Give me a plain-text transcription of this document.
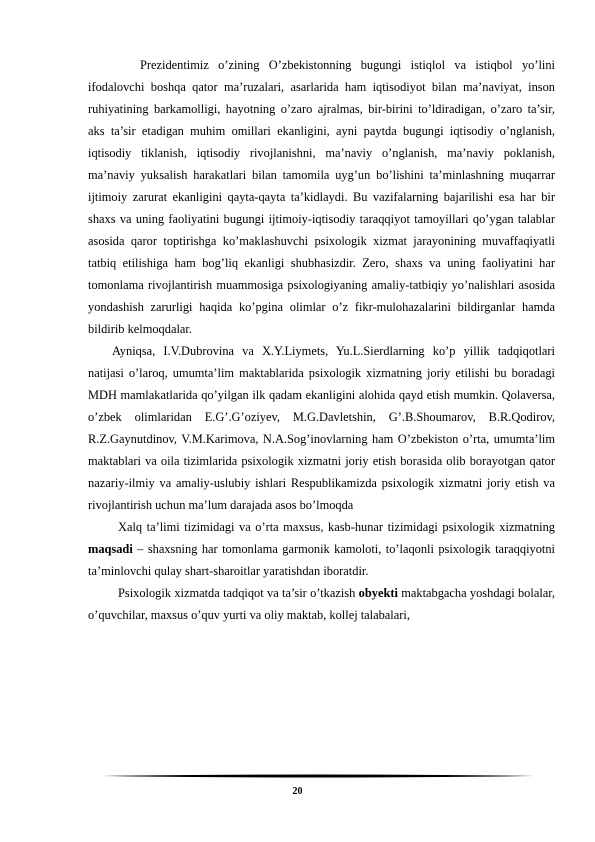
Prezidentimiz o’zining O’zbekistonning bugungi istiqlol va istiqbol yo’lini ifodalovchi boshqa qator ma’ruzalari, asarlarida ham iqtisodiyot bilan ma’naviyat, inson ruhiyatining barkamolligi, hayotning o’zaro ajralmas, bir-birini to’ldiradigan, o’zaro ta’sir, aks ta’sir etadigan muhim omillari ekanligini, ayni paytda bugungi iqtisodiy o’nglanish, iqtisodiy tiklanish, iqtisodiy rivojlanishni, ma’naviy o’nglanish, ma’naviy poklanish, ma’naviy yuksalish harakatlari bilan tamomila uyg’un bo’lishini ta’minlashning muqarrar ijtimoiy zarurat ekanligini qayta-qayta ta’kidlaydi. Bu vazifalarning bajarilishi esa har bir shaxs va uning faoliyatini bugungi ijtimoiy-iqtisodiy taraqqiyot tamoyillari qo’ygan talablar asosida qaror toptirishga ko’maklashuvchi psixologik xizmat jarayonining muvaffaqiyatli tatbiq etilishiga ham bog’liq ekanligi shubhasizdir. Zero, shaxs va uning faoliyatini har tomonlama rivojlantirish muammosiga psixologiyaning amaliy-tatbiqiy yo’nalishlari asosida yondashish zarurligi haqida ko’pgina olimlar o’z fikr-mulohazalarini bildirganlar hamda bildirib kelmoqdalar.

Ayniqsa, I.V.Dubrovina va X.Y.Liymets, Yu.L.Sierdlarning ko’p yillik tadqiqotlari natijasi o’laroq, umumta’lim maktablarida psixologik xizmatning joriy etilishi bu boradagi MDH mamlakatlarida qo’yilgan ilk qadam ekanligini alohida qayd etish mumkin. Qolaversa, o’zbek olimlaridan E.G’.G’oziyev, M.G.Davletshin, G’.B.Shoumarov, B.R.Qodirov, R.Z.Gaynutdinov, V.M.Karimova, N.A.Sog’inovlarning ham O’zbekiston o’rta, umumta’lim maktablari va oila tizimlarida psixologik xizmatni joriy etish borasida olib borayotgan qator nazariy-ilmiy va amaliy-uslubiy ishlari Respublikamizda psixologik xizmatni joriy etish va rivojlantirish uchun ma’lum darajada asos bo’lmoqda

Xalq ta’limi tizimidagi va o’rta maxsus, kasb-hunar tizimidagi psixologik xizmatning maqsadi – shaxsning har tomonlama garmonik kamoloti, to’laqonli psixologik taraqqiyotni ta’minlovchi qulay shart-sharoitlar yaratishdan iboratdir.

Psixologik xizmatda tadqiqot va ta’sir o’tkazish obyekti maktabgacha yoshdagi bolalar, o’quvchilar, maxsus o’quv yurti va oliy maktab, kollej talabalari,

20
